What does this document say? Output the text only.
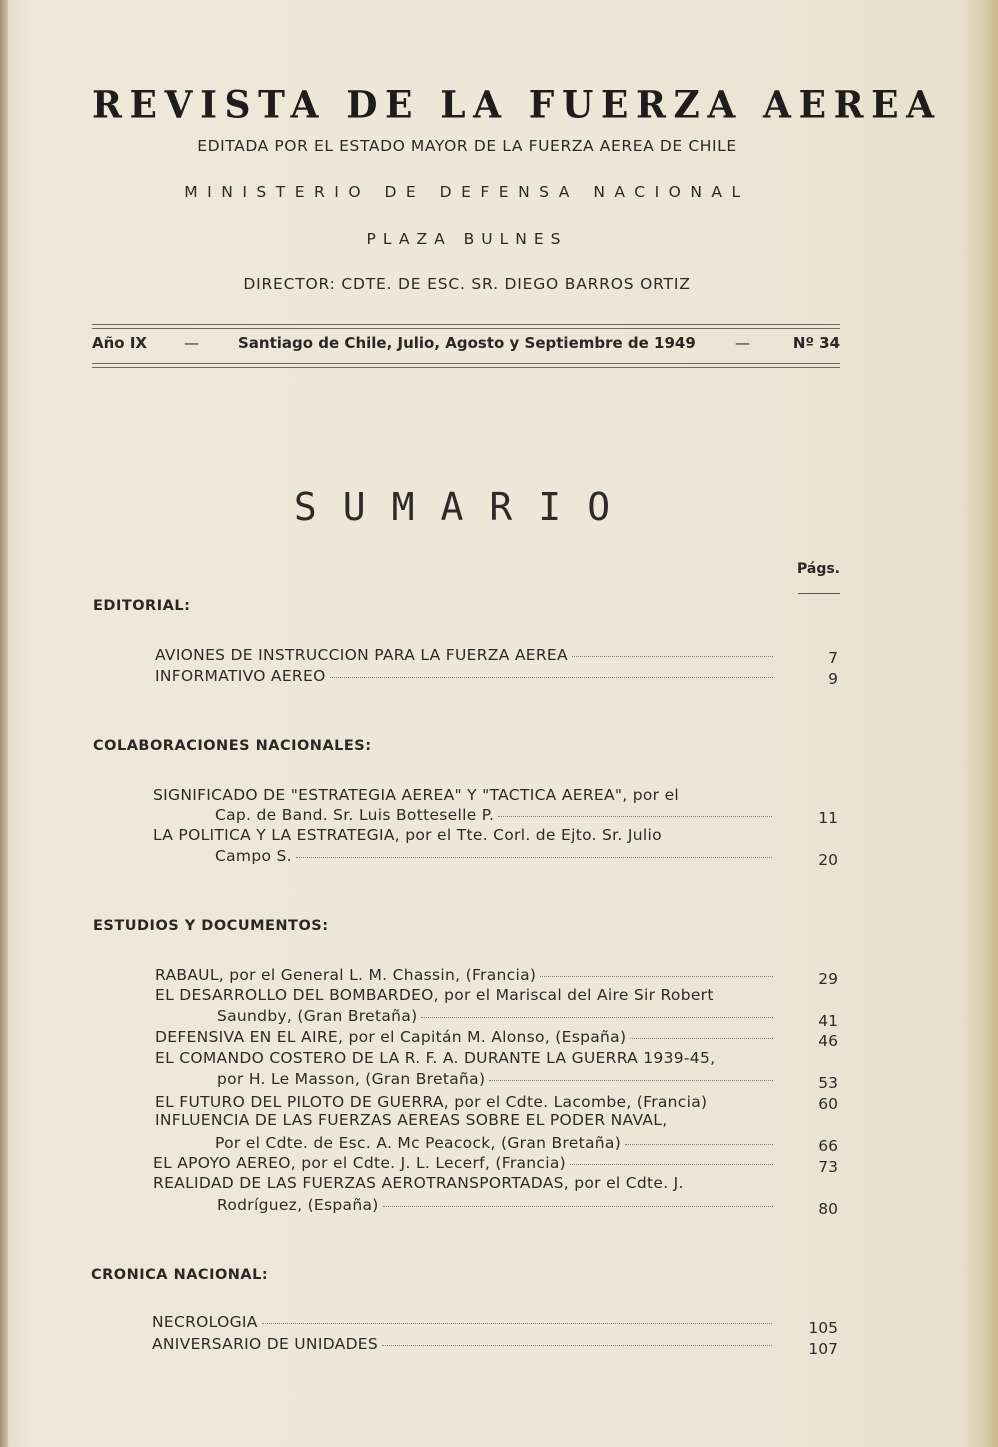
REVISTA DE LA FUERZA AEREA
EDITADA POR EL ESTADO MAYOR DE LA FUERZA AEREA DE CHILE
MINISTERIO DE DEFENSA NACIONAL
PLAZA BULNES
DIRECTOR: CDTE. DE ESC. SR. DIEGO BARROS ORTIZ
Año IX —	Santiago de Chile, Julio, Agosto y Septiembre de 1949	—	Nº 34
SUMARIO
Págs.
EDITORIAL:
AVIONES DE INSTRUCCION PARA LA FUERZA AEREA	7
INFORMATIVO AEREO	9
COLABORACIONES NACIONALES:
SIGNIFICADO DE "ESTRATEGIA AEREA" Y "TACTICA AEREA", por el
Cap. de Band. Sr. Luis Botteselle P.	11
LA POLITICA Y LA ESTRATEGIA, por el Tte. Corl. de Ejto. Sr. Julio
Campo S.	20
ESTUDIOS Y DOCUMENTOS:
RABAUL, por el General L. M. Chassin, (Francia)	29
EL DESARROLLO DEL BOMBARDEO, por el Mariscal del Aire Sir Robert
Saundby, (Gran Bretaña)	41
DEFENSIVA EN EL AIRE, por el Capitán M. Alonso, (España)	46
EL COMANDO COSTERO DE LA R. F. A. DURANTE LA GUERRA 1939-45,
por H. Le Masson, (Gran Bretaña)	53
EL FUTURO DEL PILOTO DE GUERRA, por el Cdte. Lacombe, (Francia)	60
INFLUENCIA DE LAS FUERZAS AEREAS SOBRE EL PODER NAVAL,
Por el Cdte. de Esc. A. Mc Peacock, (Gran Bretaña)	66
EL APOYO AEREO, por el Cdte. J. L. Lecerf, (Francia)	73
REALIDAD DE LAS FUERZAS AEROTRANSPORTADAS, por el Cdte. J.
Rodríguez, (España)	80
CRONICA NACIONAL:
NECROLOGIA	105
ANIVERSARIO DE UNIDADES	107
